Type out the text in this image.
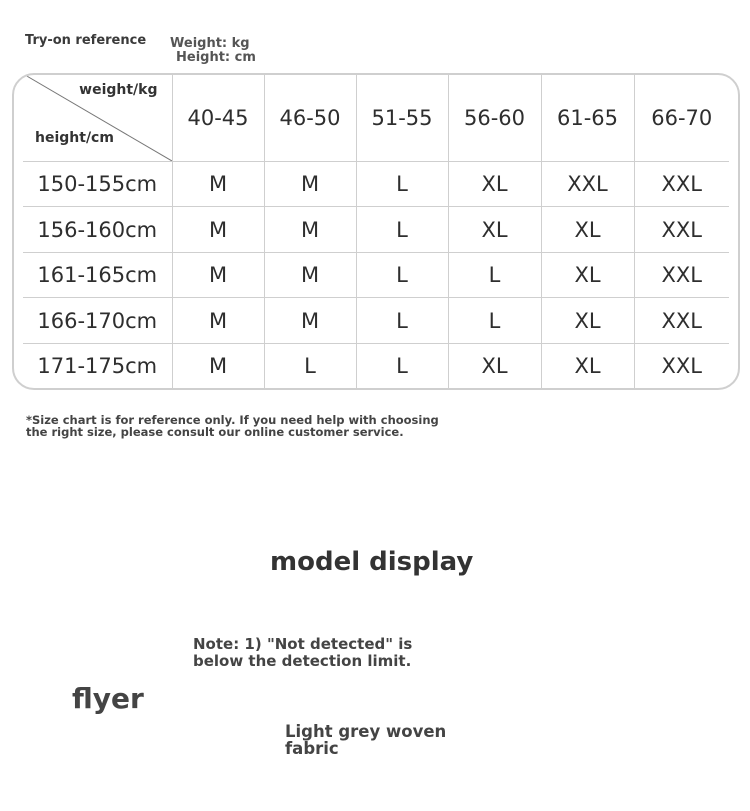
Try-on reference Weight: kg
Height: cm
weight/kg
height/cm	40-45	46-50	51-55	56-60	61-65	66-70
150-155cm	M	M	L	XL	XXL	XXL
156-160cm	M	M	L	XL	XL	XXL
161-165cm	M	M	L	L	XL	XXL
166-170cm	M	M	L	L	XL	XXL
171-175cm	M	L	L	XL	XL	XXL
*Size chart is for reference only. If you need help with choosing
the right size, please consult our online customer service.
model display
Note: 1) "Not detected" is
below the detection limit.
flyer
Light grey woven
fabric
